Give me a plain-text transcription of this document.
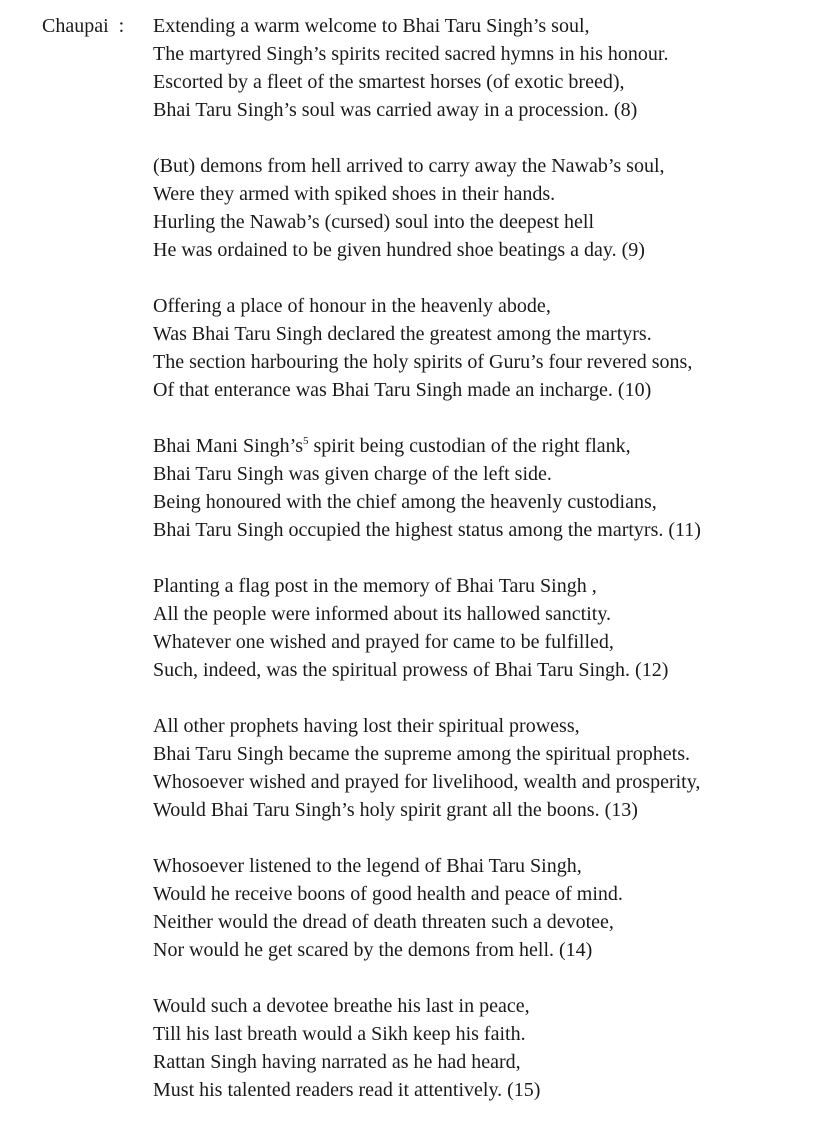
Chaupai : Extending a warm welcome to Bhai Taru Singh’s soul,
The martyred Singh’s spirits recited sacred hymns in his honour.
Escorted by a fleet of the smartest horses (of exotic breed),
Bhai Taru Singh’s soul was carried away in a procession. (8)
(But) demons from hell arrived to carry away the Nawab’s soul,
Were they armed with spiked shoes in their hands.
Hurling the Nawab’s (cursed) soul into the deepest hell
He was ordained to be given hundred shoe beatings a day. (9)
Offering a place of honour in the heavenly abode,
Was Bhai Taru Singh declared the greatest among the martyrs.
The section harbouring the holy spirits of Guru’s four revered sons,
Of that enterance was Bhai Taru Singh made an incharge. (10)
Bhai Mani Singh’s$^5$ spirit being custodian of the right flank,
Bhai Taru Singh was given charge of the left side.
Being honoured with the chief among the heavenly custodians,
Bhai Taru Singh occupied the highest status among the martyrs. (11)
Planting a flag post in the memory of Bhai Taru Singh ,
All the people were informed about its hallowed sanctity.
Whatever one wished and prayed for came to be fulfilled,
Such, indeed, was the spiritual prowess of Bhai Taru Singh. (12)
All other prophets having lost their spiritual prowess,
Bhai Taru Singh became the supreme among the spiritual prophets.
Whosoever wished and prayed for livelihood, wealth and prosperity,
Would Bhai Taru Singh’s holy spirit grant all the boons. (13)
Whosoever listened to the legend of Bhai Taru Singh,
Would he receive boons of good health and peace of mind.
Neither would the dread of death threaten such a devotee,
Nor would he get scared by the demons from hell. (14)
Would such a devotee breathe his last in peace,
Till his last breath would a Sikh keep his faith.
Rattan Singh having narrated as he had heard,
Must his talented readers read it attentively. (15)
